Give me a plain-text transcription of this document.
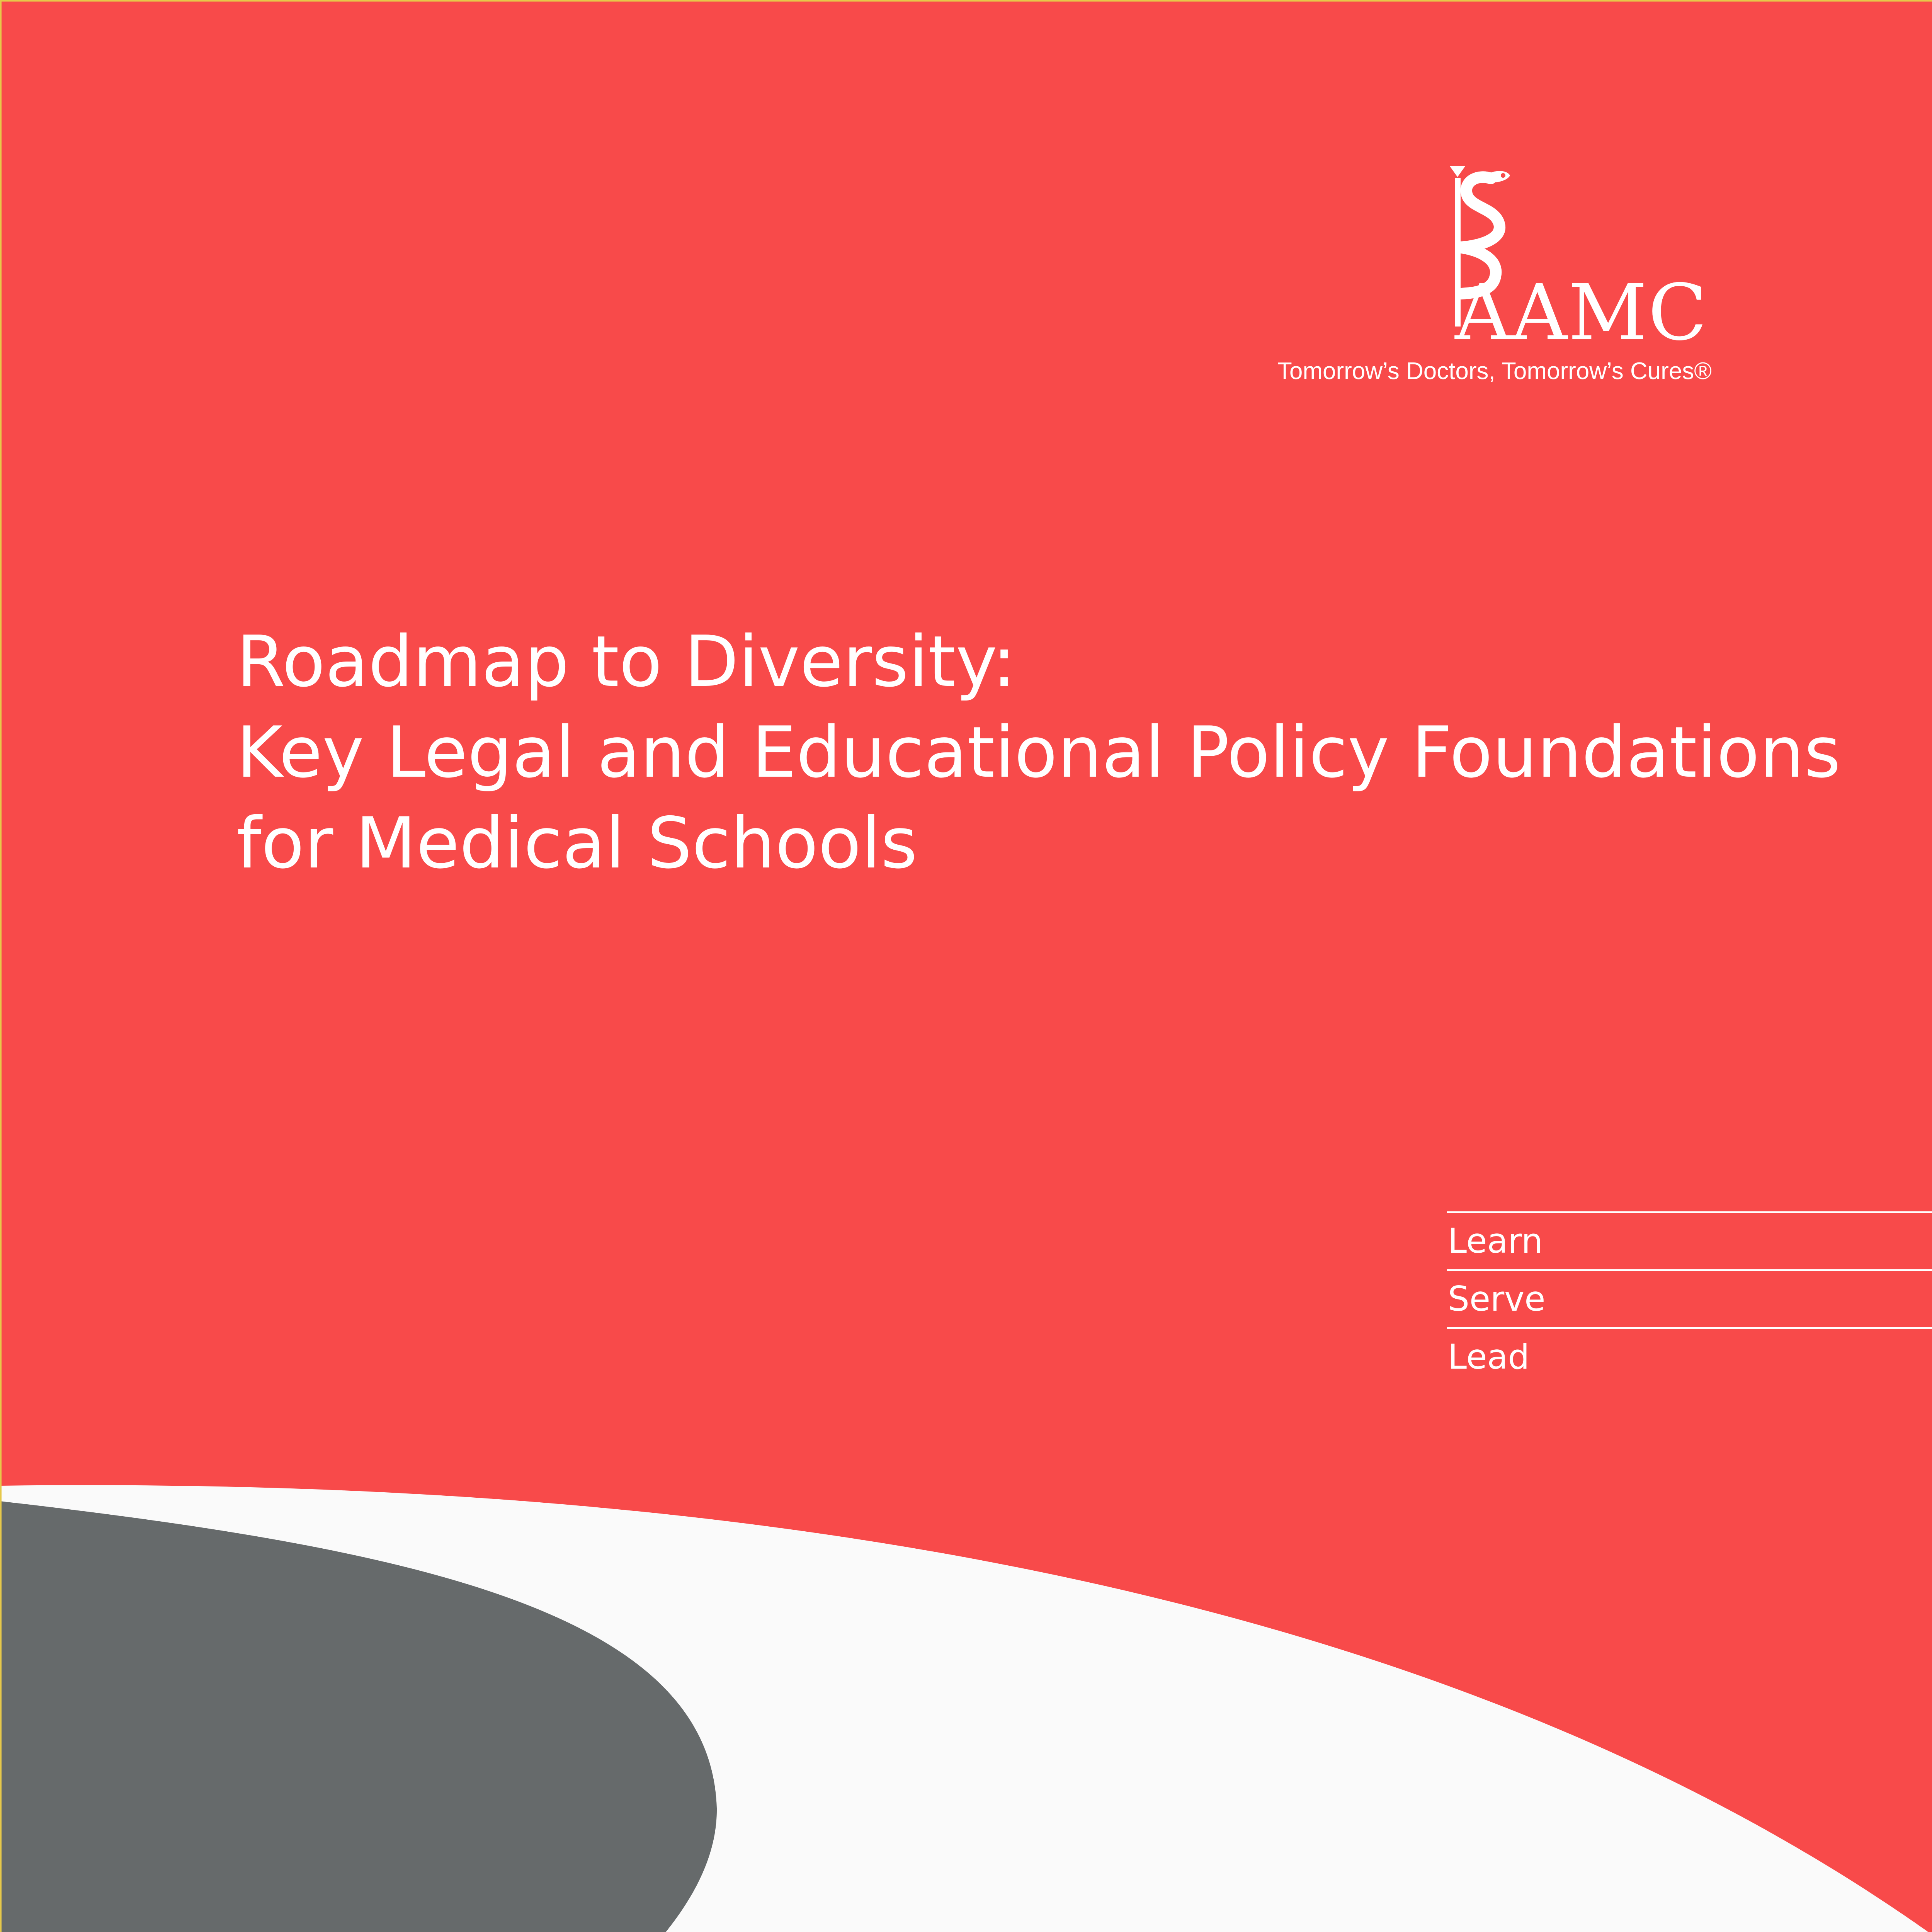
AAMC
Tomorrow’s Doctors, Tomorrow’s Cures®
Roadmap to Diversity:
Key Legal and Educational Policy Foundations
for Medical Schools
Learn
Serve
Lead
